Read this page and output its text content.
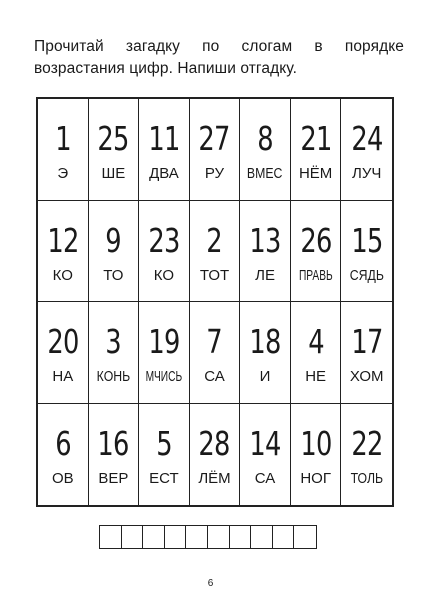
Прочитай загадку по слогам в порядке возрастания цифр. Напиши отгадку.
1
Э
25
ШЕ
11
ДВА
27
РУ
8
ВМЕС
21
НЁМ
24
ЛУЧ
12
КО
9
ТО
23
КО
2
ТОТ
13
ЛЕ
26
ПРАВЬ
15
СЯДЬ
20
НА
3
КОНЬ
19
МЧИСЬ
7
СА
18
И
4
НЕ
17
ХОМ
6
ОВ
16
ВЕР
5
ЕСТ
28
ЛЁМ
14
СА
10
НОГ
22
ТОЛЬ
6
